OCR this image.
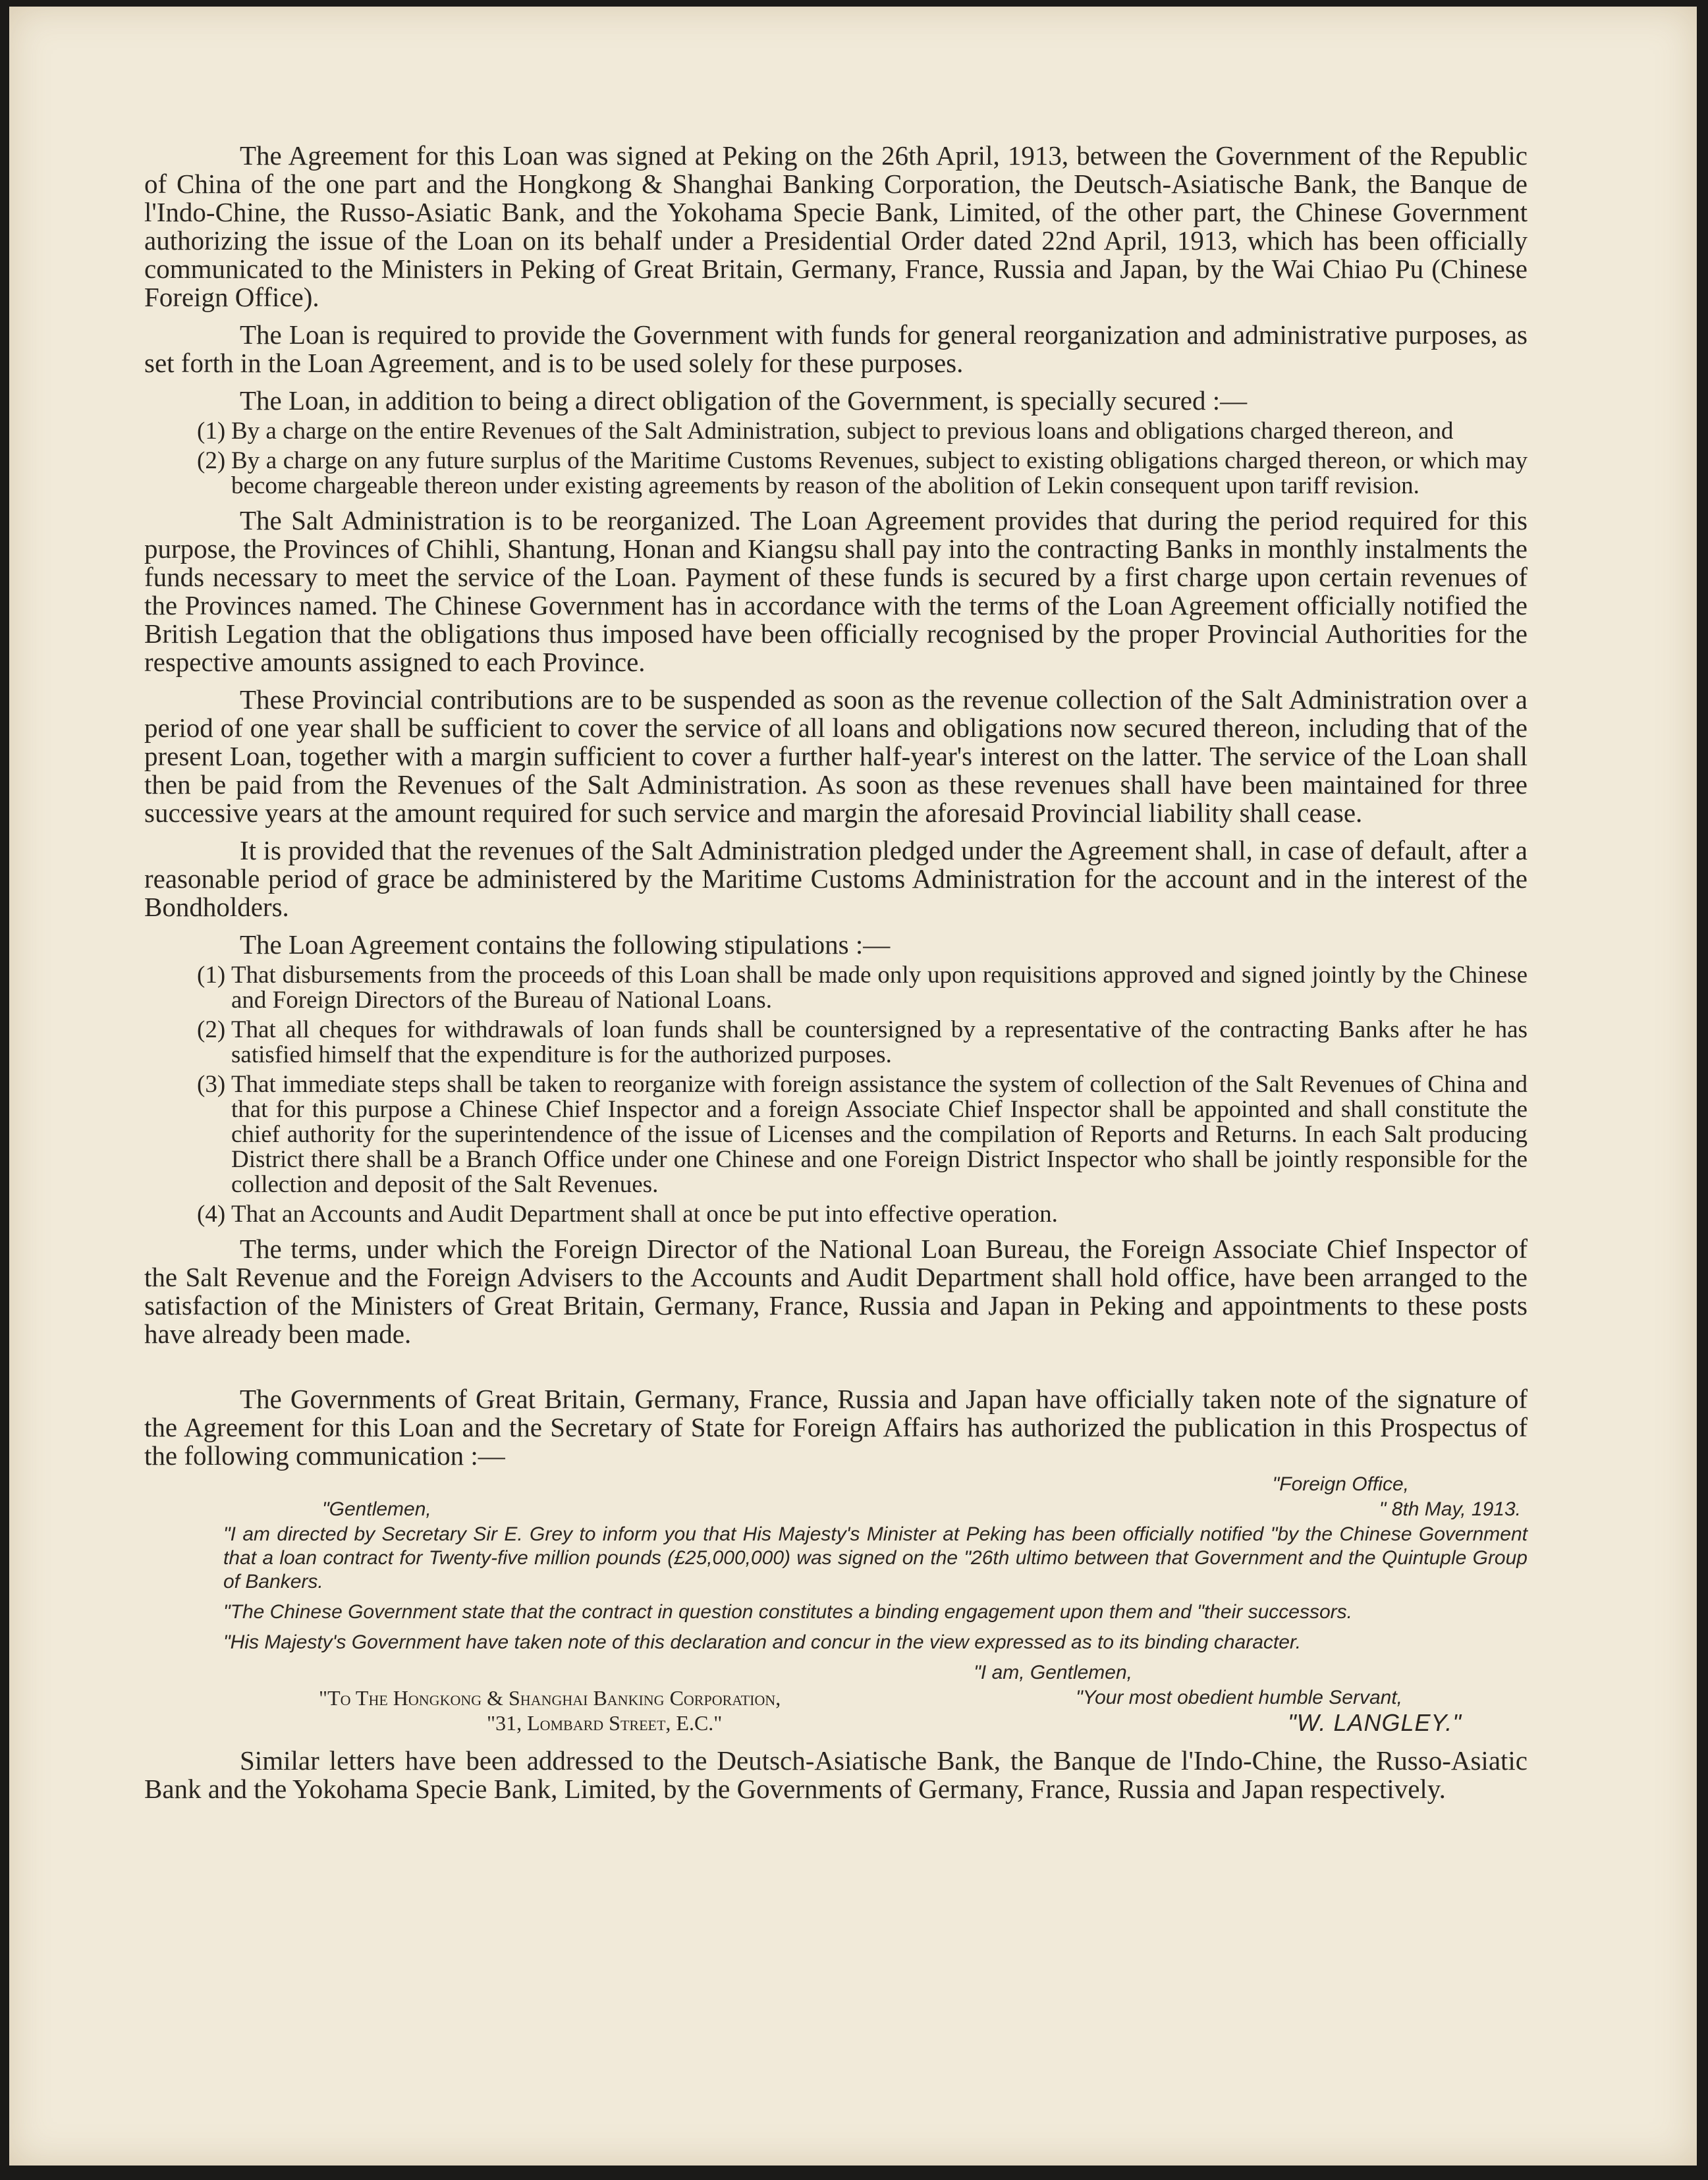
The Agreement for this Loan was signed at Peking on the 26th April, 1913, between the Government of the Republic of China of the one part and the Hongkong & Shanghai Banking Corporation, the Deutsch-Asiatische Bank, the Banque de l'Indo-Chine, the Russo-Asiatic Bank, and the Yokohama Specie Bank, Limited, of the other part, the Chinese Government authorizing the issue of the Loan on its behalf under a Presidential Order dated 22nd April, 1913, which has been officially communicated to the Ministers in Peking of Great Britain, Germany, France, Russia and Japan, by the Wai Chiao Pu (Chinese Foreign Office).

The Loan is required to provide the Government with funds for general reorganization and administrative purposes, as set forth in the Loan Agreement, and is to be used solely for these purposes.

The Loan, in addition to being a direct obligation of the Government, is specially secured :—

(1) By a charge on the entire Revenues of the Salt Administration, subject to previous loans and obligations charged thereon, and

(2) By a charge on any future surplus of the Maritime Customs Revenues, subject to existing obligations charged thereon, or which may become chargeable thereon under existing agreements by reason of the abolition of Lekin consequent upon tariff revision.

The Salt Administration is to be reorganized. The Loan Agreement provides that during the period required for this purpose, the Provinces of Chihli, Shantung, Honan and Kiangsu shall pay into the contracting Banks in monthly instalments the funds necessary to meet the service of the Loan. Payment of these funds is secured by a first charge upon certain revenues of the Provinces named. The Chinese Government has in accordance with the terms of the Loan Agreement officially notified the British Legation that the obligations thus imposed have been officially recognised by the proper Provincial Authorities for the respective amounts assigned to each Province.

These Provincial contributions are to be suspended as soon as the revenue collection of the Salt Administration over a period of one year shall be sufficient to cover the service of all loans and obligations now secured thereon, including that of the present Loan, together with a margin sufficient to cover a further half-year's interest on the latter. The service of the Loan shall then be paid from the Revenues of the Salt Administration. As soon as these revenues shall have been maintained for three successive years at the amount required for such service and margin the aforesaid Provincial liability shall cease.

It is provided that the revenues of the Salt Administration pledged under the Agreement shall, in case of default, after a reasonable period of grace be administered by the Maritime Customs Administration for the account and in the interest of the Bondholders.

The Loan Agreement contains the following stipulations :—

(1) That disbursements from the proceeds of this Loan shall be made only upon requisitions approved and signed jointly by the Chinese and Foreign Directors of the Bureau of National Loans.

(2) That all cheques for withdrawals of loan funds shall be countersigned by a representative of the contracting Banks after he has satisfied himself that the expenditure is for the authorized purposes.

(3) That immediate steps shall be taken to reorganize with foreign assistance the system of collection of the Salt Revenues of China and that for this purpose a Chinese Chief Inspector and a foreign Associate Chief Inspector shall be appointed and shall constitute the chief authority for the superintendence of the issue of Licenses and the compilation of Reports and Returns. In each Salt producing District there shall be a Branch Office under one Chinese and one Foreign District Inspector who shall be jointly responsible for the collection and deposit of the Salt Revenues.

(4) That an Accounts and Audit Department shall at once be put into effective operation.

The terms, under which the Foreign Director of the National Loan Bureau, the Foreign Associate Chief Inspector of the Salt Revenue and the Foreign Advisers to the Accounts and Audit Department shall hold office, have been arranged to the satisfaction of the Ministers of Great Britain, Germany, France, Russia and Japan in Peking and appointments to these posts have already been made.

The Governments of Great Britain, Germany, France, Russia and Japan have officially taken note of the signature of the Agreement for this Loan and the Secretary of State for Foreign Affairs has authorized the publication in this Prospectus of the following communication :—

"Foreign Office,
"Gentlemen,	" 8th May, 1913.

"I am directed by Secretary Sir E. Grey to inform you that His Majesty's Minister at Peking has been officially notified "by the Chinese Government that a loan contract for Twenty-five million pounds (£25,000,000) was signed on the "26th ultimo between that Government and the Quintuple Group of Bankers.

"The Chinese Government state that the contract in question constitutes a binding engagement upon them and "their successors.

"His Majesty's Government have taken note of this declaration and concur in the view expressed as to its binding character.

"I am, Gentlemen,
"To The Hongkong & Shanghai Banking Corporation,	"Your most obedient humble Servant,
"31, Lombard Street, E.C."	"W. LANGLEY."

Similar letters have been addressed to the Deutsch-Asiatische Bank, the Banque de l'Indo-Chine, the Russo-Asiatic Bank and the Yokohama Specie Bank, Limited, by the Governments of Germany, France, Russia and Japan respectively.
